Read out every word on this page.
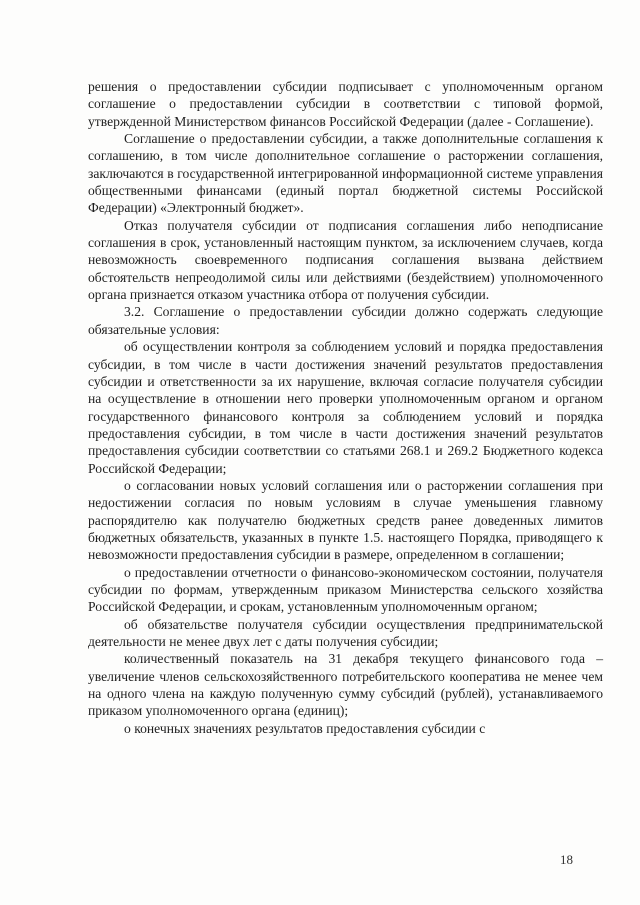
решения о предоставлении субсидии подписывает с уполномоченным органом соглашение о предоставлении субсидии в соответствии с типовой формой, утвержденной Министерством финансов Российской Федерации (далее - Соглашение).

Соглашение о предоставлении субсидии, а также дополнительные соглашения к соглашению, в том числе дополнительное соглашение о расторжении соглашения, заключаются в государственной интегрированной информационной системе управления общественными финансами (единый портал бюджетной системы Российской Федерации) «Электронный бюджет».

Отказ получателя субсидии от подписания соглашения либо неподписание соглашения в срок, установленный настоящим пунктом, за исключением случаев, когда невозможность своевременного подписания соглашения вызвана действием обстоятельств непреодолимой силы или действиями (бездействием) уполномоченного органа признается отказом участника отбора от получения субсидии.

3.2. Соглашение о предоставлении субсидии должно содержать следующие обязательные условия:

об осуществлении контроля за соблюдением условий и порядка предоставления субсидии, в том числе в части достижения значений результатов предоставления субсидии и ответственности за их нарушение, включая согласие получателя субсидии на осуществление в отношении него проверки уполномоченным органом и органом государственного финансового контроля за соблюдением условий и порядка предоставления субсидии, в том числе в части достижения значений результатов предоставления субсидии соответствии со статьями 268.1 и 269.2 Бюджетного кодекса Российской Федерации;

о согласовании новых условий соглашения или о расторжении соглашения при недостижении согласия по новым условиям в случае уменьшения главному распорядителю как получателю бюджетных средств ранее доведенных лимитов бюджетных обязательств, указанных в пункте 1.5. настоящего Порядка, приводящего к невозможности предоставления субсидии в размере, определенном в соглашении;

о предоставлении отчетности о финансово-экономическом состоянии, получателя субсидии по формам, утвержденным приказом Министерства сельского хозяйства Российской Федерации, и срокам, установленным уполномоченным органом;

об обязательстве получателя субсидии осуществления предпринимательской деятельности не менее двух лет с даты получения субсидии;

количественный показатель на 31 декабря текущего финансового года – увеличение членов сельскохозяйственного потребительского кооператива не менее чем на одного члена на каждую полученную сумму субсидий (рублей), устанавливаемого приказом уполномоченного органа (единиц);

о конечных значениях результатов предоставления субсидии с

18
